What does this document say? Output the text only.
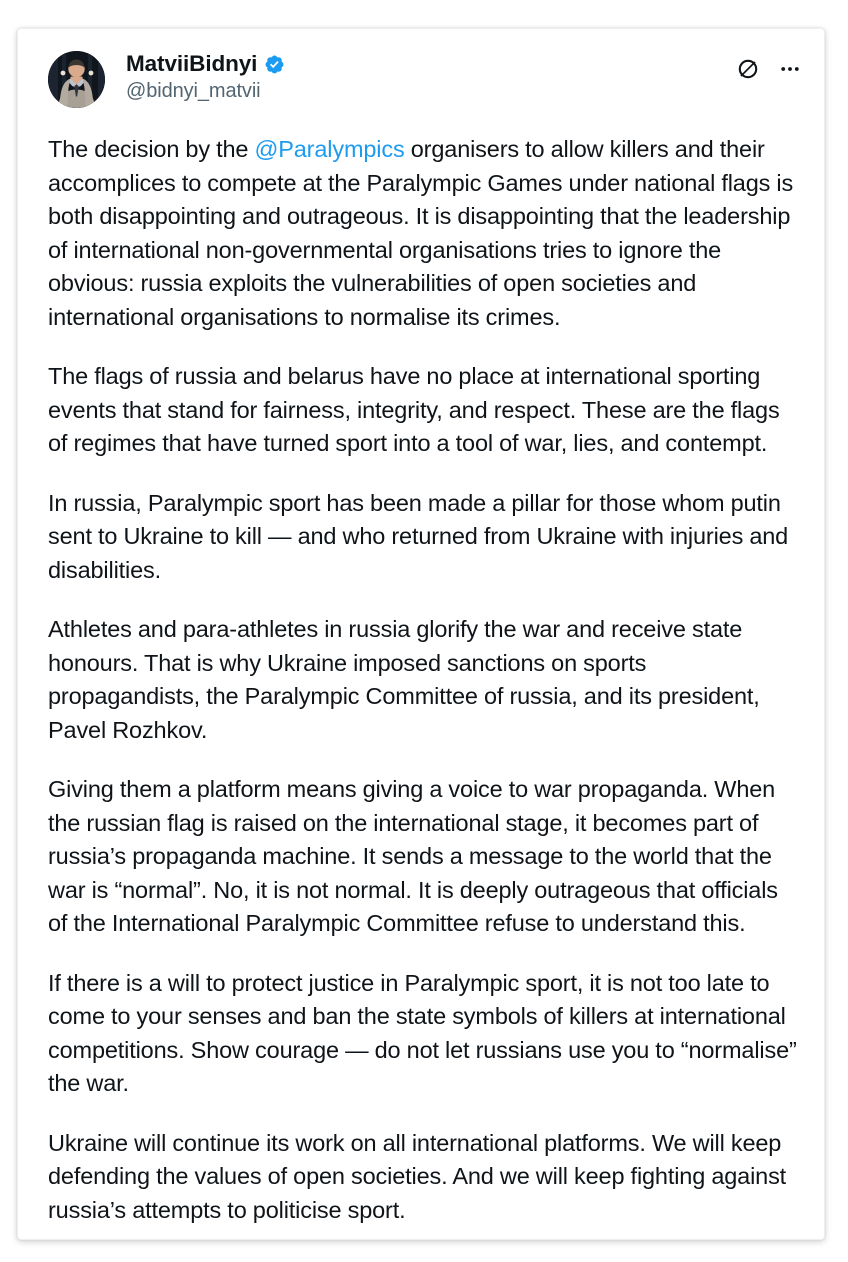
MatviiBidnyi
@bidnyi_matvii

The decision by the @Paralympics organisers to allow killers and their accomplices to compete at the Paralympic Games under national flags is both disappointing and outrageous. It is disappointing that the leadership of international non-governmental organisations tries to ignore the obvious: russia exploits the vulnerabilities of open societies and international organisations to normalise its crimes.

The flags of russia and belarus have no place at international sporting events that stand for fairness, integrity, and respect. These are the flags of regimes that have turned sport into a tool of war, lies, and contempt.

In russia, Paralympic sport has been made a pillar for those whom putin sent to Ukraine to kill — and who returned from Ukraine with injuries and disabilities.

Athletes and para-athletes in russia glorify the war and receive state honours. That is why Ukraine imposed sanctions on sports propagandists, the Paralympic Committee of russia, and its president, Pavel Rozhkov.

Giving them a platform means giving a voice to war propaganda. When the russian flag is raised on the international stage, it becomes part of russia’s propaganda machine. It sends a message to the world that the war is “normal”. No, it is not normal. It is deeply outrageous that officials of the International Paralympic Committee refuse to understand this.

If there is a will to protect justice in Paralympic sport, it is not too late to come to your senses and ban the state symbols of killers at international competitions. Show courage — do not let russians use you to “normalise” the war.

Ukraine will continue its work on all international platforms. We will keep defending the values of open societies. And we will keep fighting against russia’s attempts to politicise sport.
